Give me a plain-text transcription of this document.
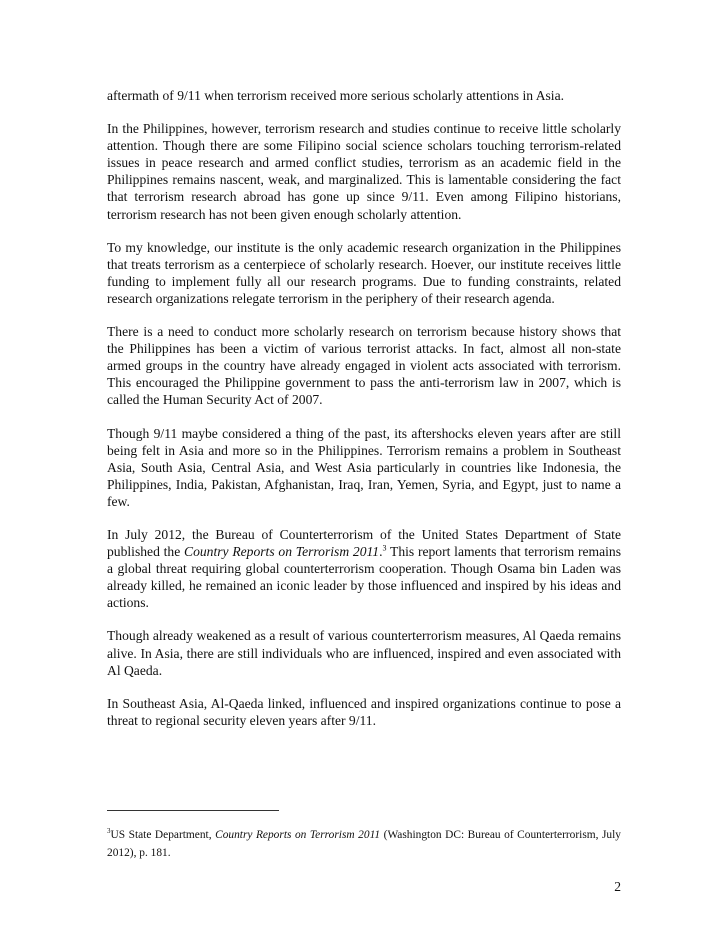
aftermath of 9/11 when terrorism received more serious scholarly attentions in Asia.

In the Philippines, however, terrorism research and studies continue to receive little scholarly attention. Though there are some Filipino social science scholars touching terrorism-related issues in peace research and armed conflict studies, terrorism as an academic field in the Philippines remains nascent, weak, and marginalized. This is lamentable considering the fact that terrorism research abroad has gone up since 9/11. Even among Filipino historians, terrorism research has not been given enough scholarly attention.

To my knowledge, our institute is the only academic research organization in the Philippines that treats terrorism as a centerpiece of scholarly research. Hoever, our institute receives little funding to implement fully all our research programs. Due to funding constraints, related research organizations relegate terrorism in the periphery of their research agenda.

There is a need to conduct more scholarly research on terrorism because history shows that the Philippines has been a victim of various terrorist attacks. In fact, almost all non-state armed groups in the country have already engaged in violent acts associated with terrorism. This encouraged the Philippine government to pass the anti-terrorism law in 2007, which is called the Human Security Act of 2007.

Though 9/11 maybe considered a thing of the past, its aftershocks eleven years after are still being felt in Asia and more so in the Philippines. Terrorism remains a problem in Southeast Asia, South Asia, Central Asia, and West Asia particularly in countries like Indonesia, the Philippines, India, Pakistan, Afghanistan, Iraq, Iran, Yemen, Syria, and Egypt, just to name a few.

In July 2012, the Bureau of Counterterrorism of the United States Department of State published the Country Reports on Terrorism 2011.$^3$ This report laments that terrorism remains a global threat requiring global counterterrorism cooperation. Though Osama bin Laden was already killed, he remained an iconic leader by those influenced and inspired by his ideas and actions.

Though already weakened as a result of various counterterrorism measures, Al Qaeda remains alive. In Asia, there are still individuals who are influenced, inspired and even associated with Al Qaeda.

In Southeast Asia, Al-Qaeda linked, influenced and inspired organizations continue to pose a threat to regional security eleven years after 9/11.

$^3$US State Department, Country Reports on Terrorism 2011 (Washington DC: Bureau of Counterterrorism, July 2012), p. 181.

2
